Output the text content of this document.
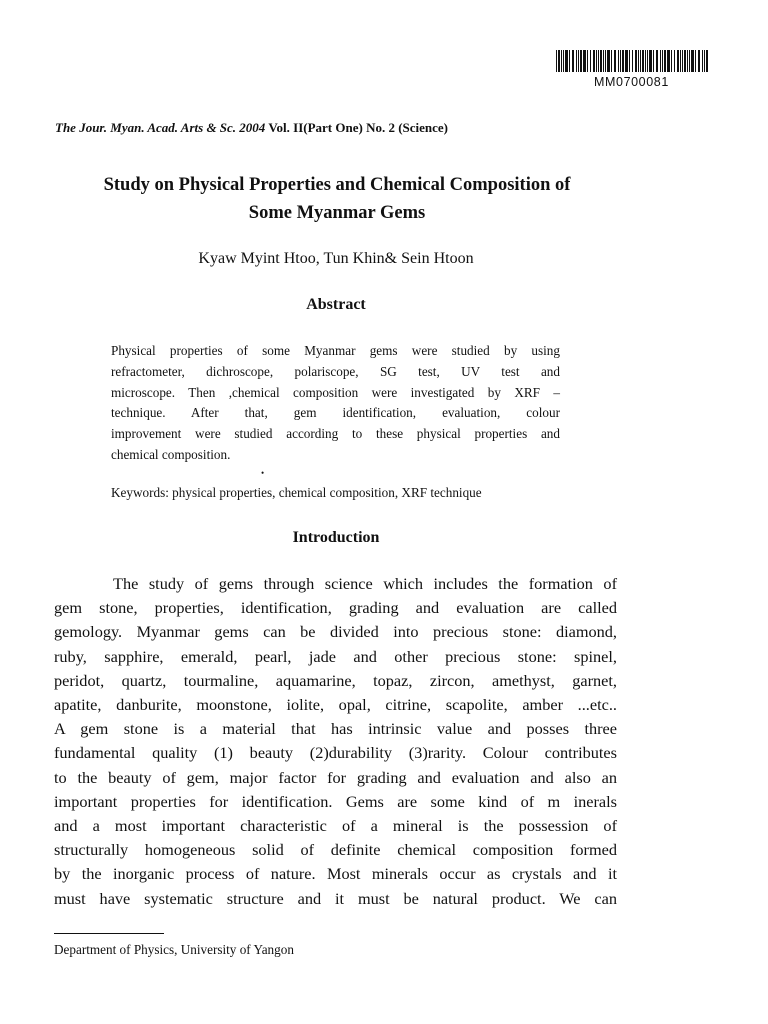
MM0700081
The Jour. Myan. Acad. Arts & Sc. 2004 Vol. II(Part One) No. 2 (Science)
Study on Physical Properties and Chemical Composition of
Some Myanmar Gems
Kyaw Myint Htoo, Tun Khin& Sein Htoon
Abstract
Physical properties of some Myanmar gems were studied by using
refractometer, dichroscope, polariscope, SG test, UV test and
microscope. Then ,chemical composition were investigated by XRF –
technique. After that, gem identification, evaluation, colour
improvement were studied according to these physical properties and
chemical composition.
•
Keywords: physical properties, chemical composition, XRF technique
Introduction
The study of gems through science which includes the formation of
gem stone, properties, identification, grading and evaluation are called
gemology. Myanmar gems can be divided into precious stone: diamond,
ruby, sapphire, emerald, pearl, jade and other precious stone: spinel,
peridot, quartz, tourmaline, aquamarine, topaz, zircon, amethyst, garnet,
apatite, danburite, moonstone, iolite, opal, citrine, scapolite, amber ...etc..
A gem stone is a material that has intrinsic value and posses three
fundamental quality (1) beauty (2)durability (3)rarity. Colour contributes
to the beauty of gem, major factor for grading and evaluation and also an
important properties for identification. Gems are some kind of m inerals
and a most important characteristic of a mineral is the possession of
structurally homogeneous solid of definite chemical composition formed
by the inorganic process of nature. Most minerals occur as crystals and it
must have systematic structure and it must be natural product. We can
Department of Physics, University of Yangon
